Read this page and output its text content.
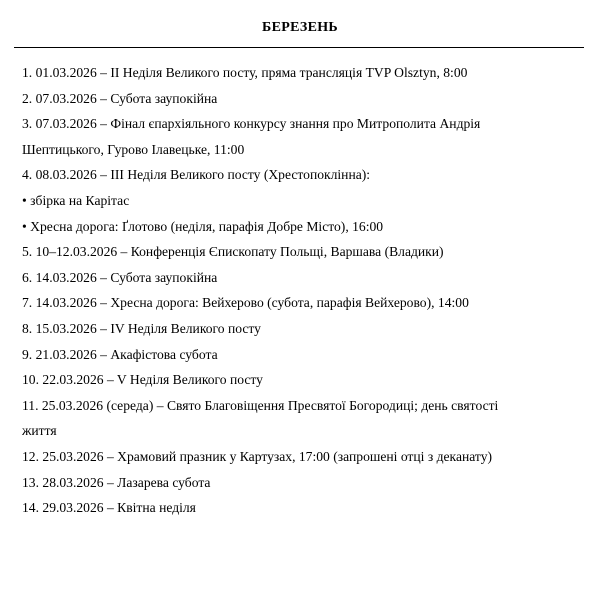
БЕРЕЗЕНЬ
1. 01.03.2026 – II Неділя Великого посту, пряма трансляція TVP Olsztyn, 8:00
2. 07.03.2026 – Субота заупокійна
3. 07.03.2026 – Фінал єпархіяльного конкурсу знання про Митрополита Андрія
Шептицького, Гурово Ілавецьке, 11:00
4. 08.03.2026 – III Неділя Великого посту (Хрестопоклінна):
• збірка на Карітас
• Хресна дорога: Ґлотово (неділя, парафія Добре Місто), 16:00
5. 10–12.03.2026 – Конференція Єпископату Польщі, Варшава (Владики)
6. 14.03.2026 – Субота заупокійна
7. 14.03.2026 – Хресна дорога: Вейхерово (субота, парафія Вейхерово), 14:00
8. 15.03.2026 – IV Неділя Великого посту
9. 21.03.2026 – Акафістова субота
10. 22.03.2026 – V Неділя Великого посту
11. 25.03.2026 (середа) – Свято Благовіщення Пресвятої Богородиці; день святості
життя
12. 25.03.2026 – Храмовий празник у Картузах, 17:00 (запрошені отці з деканату)
13. 28.03.2026 – Лазарева субота
14. 29.03.2026 – Квітна неділя
